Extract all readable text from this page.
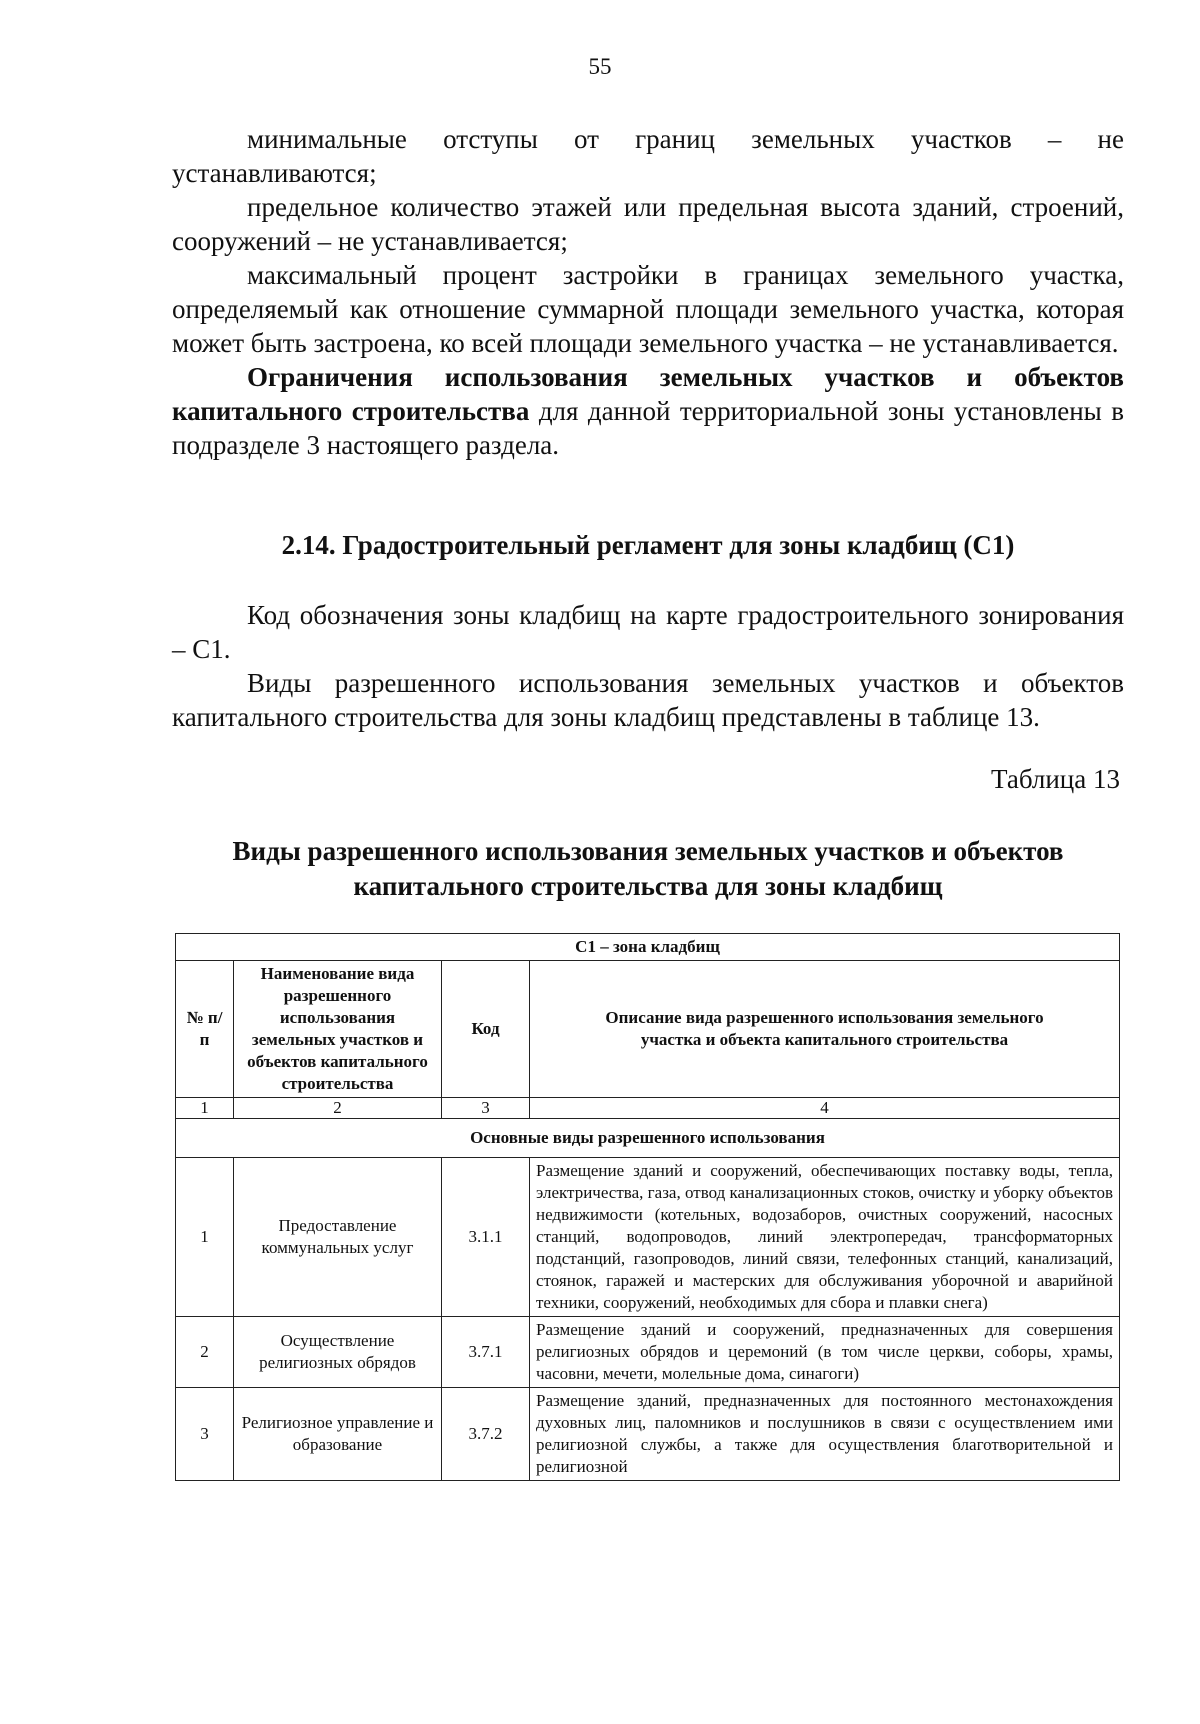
55

минимальные отступы от границ земельных участков – не устанавливаются;

предельное количество этажей или предельная высота зданий, строений, сооружений – не устанавливается;

максимальный процент застройки в границах земельного участка, определяемый как отношение суммарной площади земельного участка, которая может быть застроена, ко всей площади земельного участка – не устанавливается.

Ограничения использования земельных участков и объектов капитального строительства для данной территориальной зоны установлены в подразделе 3 настоящего раздела.

2.14. Градостроительный регламент для зоны кладбищ (С1)

Код обозначения зоны кладбищ на карте градостроительного зонирования – С1.

Виды разрешенного использования земельных участков и объектов капитального строительства для зоны кладбищ представлены в таблице 13.

Таблица 13
Виды разрешенного использования земельных участков и объектов капитального строительства для зоны кладбищ
С1 – зона кладбищ			
№ п/п	Наименование вида разрешенного использования земельных участков и объектов капитального строительства	Код	Описание вида разрешенного использования земельного участка и объекта капитального строительства
1	2	3	4
Основные виды разрешенного использования			
1	Предоставление коммунальных услуг	3.1.1	Размещение зданий и сооружений, обеспечивающих поставку воды, тепла, электричества, газа, отвод канализационных стоков, очистку и уборку объектов недвижимости (котельных, водозаборов, очистных сооружений, насосных станций, водопроводов, линий электропередач, трансформаторных подстанций, газопроводов, линий связи, телефонных станций, канализаций, стоянок, гаражей и мастерских для обслуживания уборочной и аварийной техники, сооружений, необходимых для сбора и плавки снега)
2	Осуществление религиозных обрядов	3.7.1	Размещение зданий и сооружений, предназначенных для совершения религиозных обрядов и церемоний (в том числе церкви, соборы, храмы, часовни, мечети, молельные дома, синагоги)
3	Религиозное управление и образование	3.7.2	Размещение зданий, предназначенных для постоянного местонахождения духовных лиц, паломников и послушников в связи с осуществлением ими религиозной службы, а также для осуществления благотворительной и религиозной
